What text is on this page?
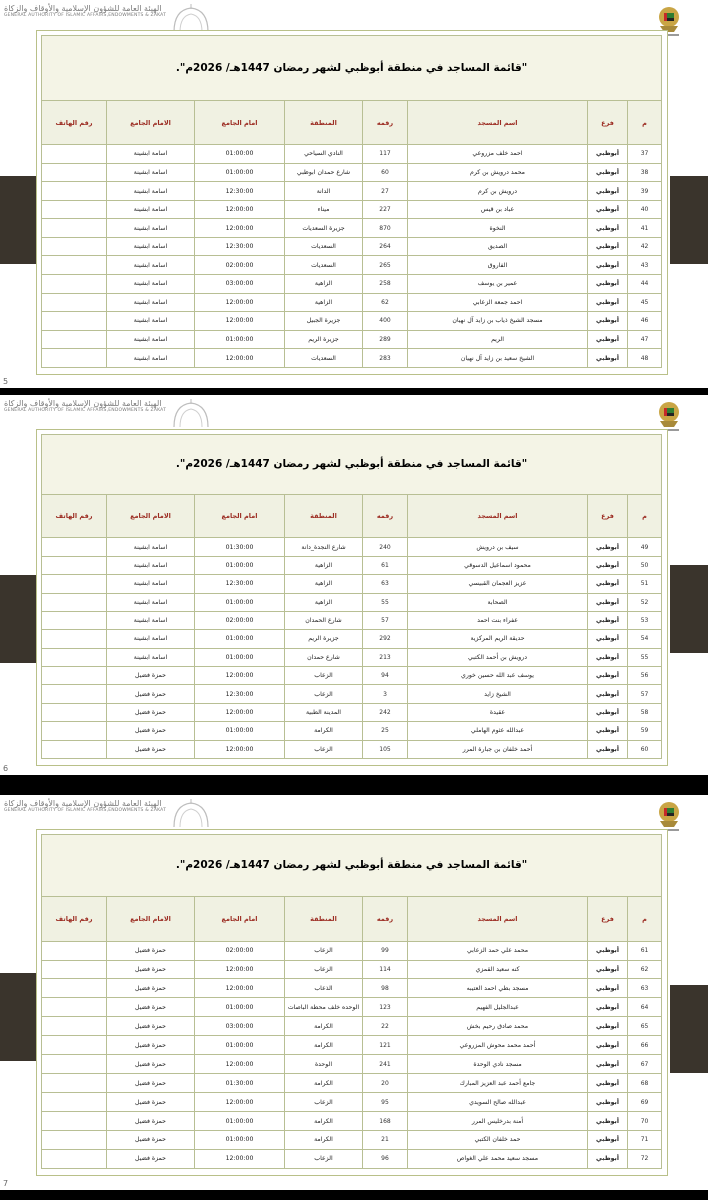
الهيئة العامة للشؤون الإسلامية والأوقاف والزكاة
GENERAL AUTHORITY OF ISLAMIC AFFAIRS,ENDOWMENTS & ZAKAT
"قائمة المساجد في منطقة أبوظبي لشهر رمضان 1447هـ/ 2026م".							
رقم الهاتف	الامام الجامع	امام الجامع	المنطقة	رقمه	اسم المسجد	فرع	م
	اسامة ابشينة	01:00:00	النادي السياحي	117	احمد خلف مزروعي	أبوظبي	37
	اسامة ابشينة	01:00:00	شارع حمدان ابوظبي	60	محمد درويش بن كرم	أبوظبي	38
	اسامة ابشينة	12:30:00	الدانة	27	درويش بن كرم	أبوظبي	39
	اسامة ابشينة	12:00:00	ميناء	227	عباد بن قيس	أبوظبي	40
	اسامة ابشينة	12:00:00	جزيرة السعديات	870	النخوة	أبوظبي	41
	اسامة ابشينة	12:30:00	السعديات	264	الصديق	أبوظبي	42
	اسامة ابشينة	02:00:00	السعديات	265	الفاروق	أبوظبي	43
	اسامة ابشينة	03:00:00	الزاهية	258	عمير بن يوسف	أبوظبي	44
	اسامة ابشينة	12:00:00	الزاهية	62	احمد جمعة الزعابي	أبوظبي	45
	اسامة ابشينة	12:00:00	جزيرة الجبيل	400	مسجد الشيخ ذياب بن زايد آل نهيان	أبوظبي	46
	اسامة ابشينة	01:00:00	جزيرة الريم	289	الريم	أبوظبي	47
	اسامة ابشينة	12:00:00	السعديات	283	الشيخ سعيد بن زايد آل نهيان	أبوظبي	48
5
الهيئة العامة للشؤون الإسلامية والأوقاف والزكاة
GENERAL AUTHORITY OF ISLAMIC AFFAIRS,ENDOWMENTS & ZAKAT
"قائمة المساجد في منطقة أبوظبي لشهر رمضان 1447هـ/ 2026م".							
رقم الهاتف	الامام الجامع	امام الجامع	المنطقة	رقمه	اسم المسجد	فرع	م
	اسامة ابشينة	01:30:00	شارع النجدة_دانة	240	سيف بن درويش	أبوظبي	49
	اسامة ابشينة	01:00:00	الزاهية	61	محمود اسماعيل الدسوقي	أبوظبي	50
	اسامة ابشينة	12:30:00	الزاهية	63	عزيز العجمان القبيسي	أبوظبي	51
	اسامة ابشينة	01:00:00	الزاهية	55	الصحابة	أبوظبي	52
	اسامة ابشينة	02:00:00	شارع الحمدان	57	عفراء بنت احمد	أبوظبي	53
	اسامة ابشينة	01:00:00	جزيرة الريم	292	حديقة الريم المركزية	أبوظبي	54
	اسامة ابشينة	01:00:00	شارع حمدان	213	درويش بن أحمد الكتبي	أبوظبي	55
	حمزة فضيل	12:00:00	الزعاب	94	يوسف عبد الله حسين خوري	أبوظبي	56
	حمزة فضيل	12:30:00	الزعاب	3	الشيخ زايد	أبوظبي	57
	حمزة فضيل	12:00:00	المدينة الطبية	242	عقيدة	أبوظبي	58
	حمزة فضيل	01:00:00	الكرامة	25	عبدالله عثوم الهاملي	أبوظبي	59
	حمزة فضيل	12:00:00	الزعاب	105	أحمد خلفان بن جبارة المرر	أبوظبي	60
6
الهيئة العامة للشؤون الإسلامية والأوقاف والزكاة
GENERAL AUTHORITY OF ISLAMIC AFFAIRS,ENDOWMENTS & ZAKAT
"قائمة المساجد في منطقة أبوظبي لشهر رمضان 1447هـ/ 2026م".							
رقم الهاتف	الامام الجامع	امام الجامع	المنطقة	رقمه	اسم المسجد	فرع	م
	حمزة فضيل	02:00:00	الزعاب	99	محمد علي حمد الزعابي	أبوظبي	61
	حمزة فضيل	12:00:00	الزعاب	114	كنه سعيد القمزي	أبوظبي	62
	حمزة فضيل	12:00:00	الذعاب	98	مسجد بطي احمد العتيبه	أبوظبي	63
	حمزة فضيل	01:00:00	الوحده خلف محطة الباصات	123	عبدالجليل الفهيم	أبوظبي	64
	حمزة فضيل	03:00:00	الكرامة	22	محمد صادق رحيم بخش	أبوظبي	65
	حمزة فضيل	01:00:00	الكرامة	121	أحمد محمد محوش المزروعي	أبوظبي	66
	حمزة فضيل	12:00:00	الوحدة	241	مسجد نادي الوحدة	أبوظبي	67
	حمزة فضيل	01:30:00	الكرامة	20	جامع أحمد عبد العزيز المبارك	أبوظبي	68
	حمزة فضيل	12:00:00	الزعاب	95	عبدالله صالح السويدي	أبوظبي	69
	حمزة فضيل	01:00:00	الكرامة	168	أمنة بدرخليس المرر	أبوظبي	70
	حمزة فضيل	01:00:00	الكرامة	21	حمد خلفان الكتبي	أبوظبي	71
	حمزة فضيل	12:00:00	الزعاب	96	مسجد سعيد محمد علي الغواص	أبوظبي	72
7
